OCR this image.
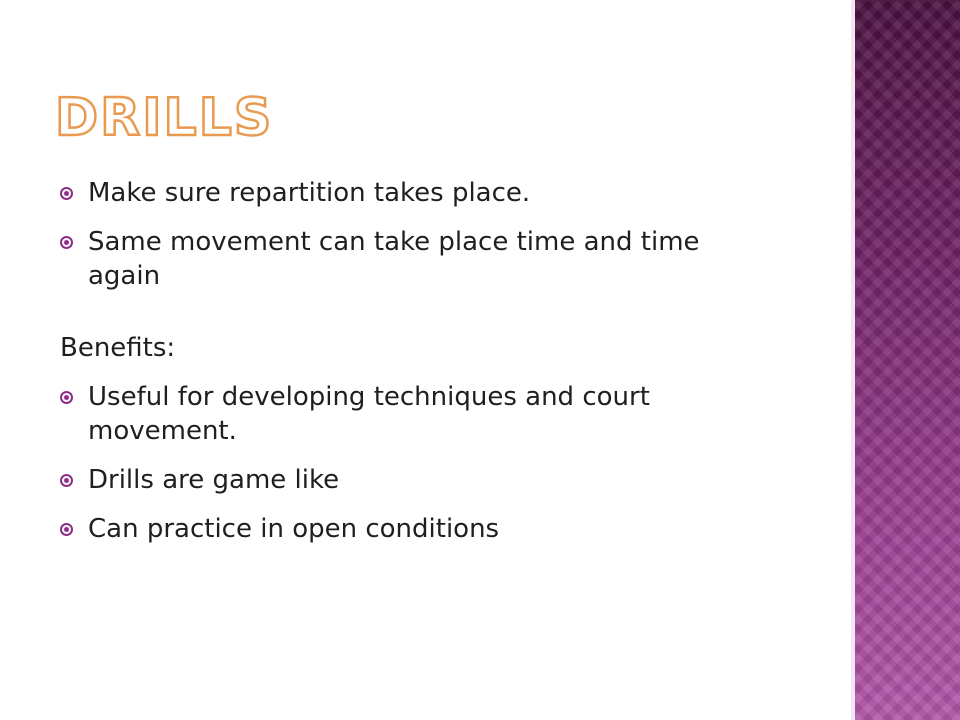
DRILLS
Make sure repartition takes place.
Same movement can take place time and time again
Benefits:
Useful for developing techniques and court movement.
Drills are game like
Can practice in open conditions
